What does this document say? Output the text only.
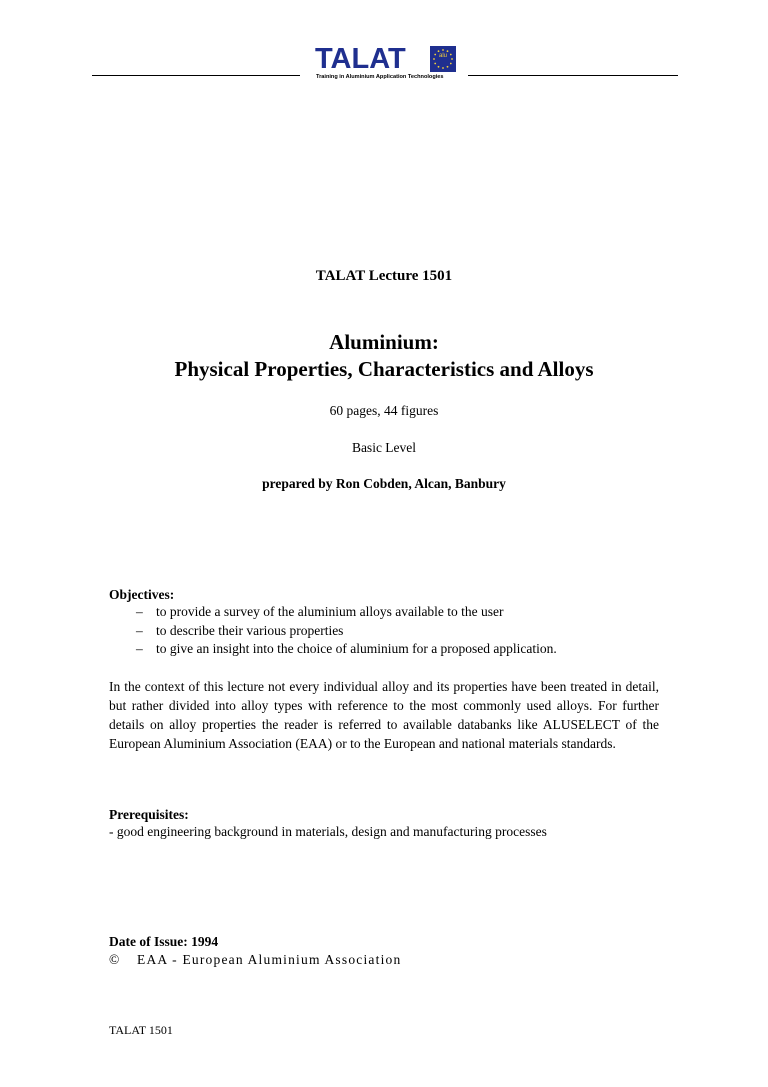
TALAT	alu
Training in Aluminium Application Technologies
TALAT Lecture 1501
Aluminium:
Physical Properties, Characteristics and Alloys
60 pages, 44 figures
Basic Level
prepared by Ron Cobden, Alcan, Banbury
Objectives:
– to provide a survey of the aluminium alloys available to the user
– to describe their various properties
– to give an insight into the choice of aluminium for a proposed application.
In the context of this lecture not every individual alloy and its properties have been treated in detail, but rather divided into alloy types with reference to the most commonly used alloys. For further details on alloy properties the reader is referred to available databanks like ALUSELECT of the European Aluminium Association (EAA) or to the European and national materials standards.
Prerequisites:
- good engineering background in materials, design and manufacturing processes
Date of Issue: 1994
© EAA - European Aluminium Association
TALAT 1501
